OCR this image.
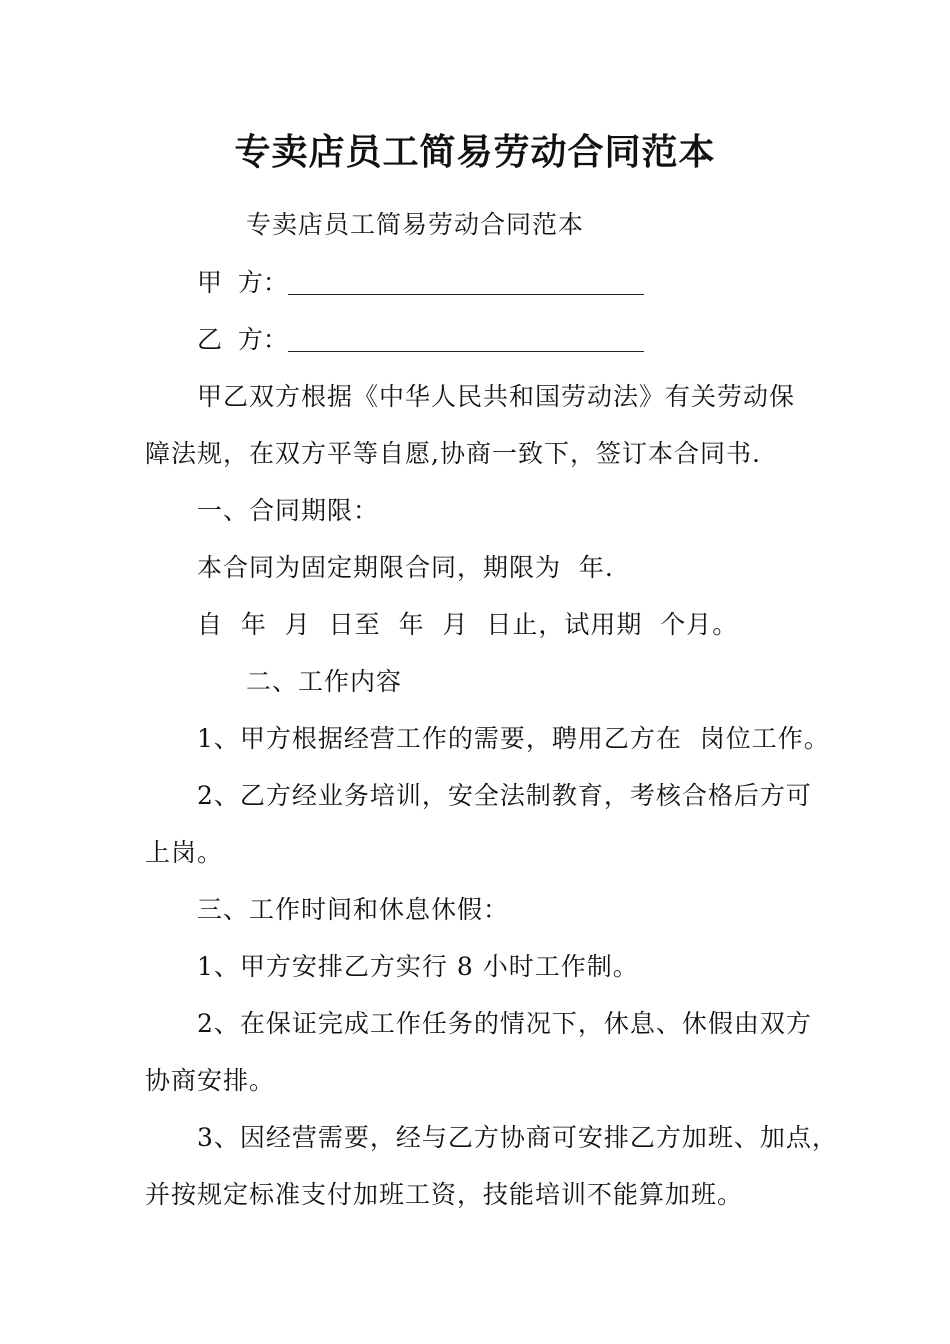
专卖店员工简易劳动合同范本
专卖店员工简易劳动合同范本
甲  方：
乙  方：
甲乙双方根据《中华人民共和国劳动法》有关劳动保
障法规，在双方平等自愿,协商一致下，签订本合同书.
一、合同期限：
本合同为固定期限合同，期限为  年.
自  年  月  日至  年  月  日止，试用期  个月。
二、工作内容
1、甲方根据经营工作的需要，聘用乙方在  岗位工作。
2、乙方经业务培训，安全法制教育，考核合格后方可
上岗。
三、工作时间和休息休假：
1、甲方安排乙方实行 8 小时工作制。
2、在保证完成工作任务的情况下，休息、休假由双方
协商安排。
3、因经营需要，经与乙方协商可安排乙方加班、加点，
并按规定标准支付加班工资，技能培训不能算加班。
